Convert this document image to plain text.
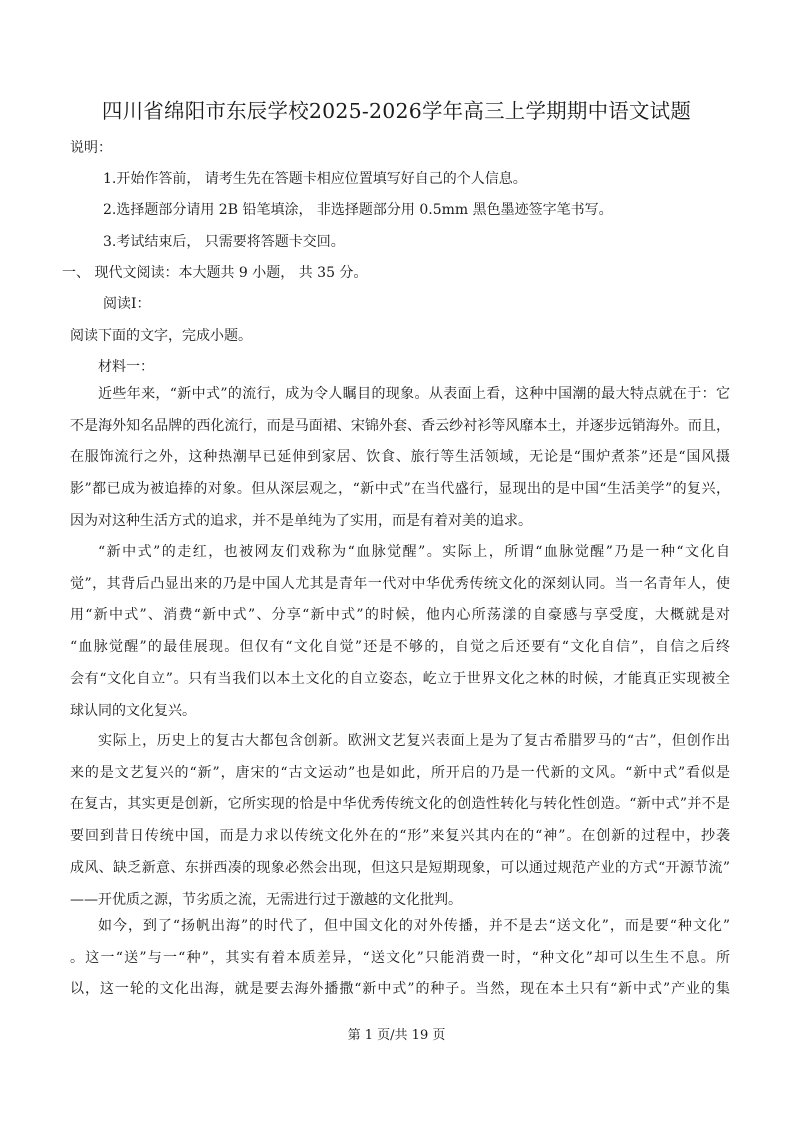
四川省绵阳市东辰学校2025-2026学年高三上学期期中语文试题
说明：
1.开始作答前， 请考生先在答题卡相应位置填写好自己的个人信息。
2.选择题部分请用 2B 铅笔填涂， 非选择题部分用 0.5mm 黑色墨迹签字笔书写。
3.考试结束后， 只需要将答题卡交回。
一、 现代文阅读：本大题共 9 小题， 共 35 分。
阅读Ⅰ：
阅读下面的文字，完成小题。
材料一：
近些年来，“新中式”的流行，成为令人瞩目的现象。从表面上看，这种中国潮的最大特点就在于：它
不是海外知名品牌的西化流行，而是马面裙、宋锦外套、香云纱衬衫等风靡本土，并逐步远销海外。而且，
在服饰流行之外，这种热潮早已延伸到家居、饮食、旅行等生活领域，无论是“围炉煮茶”还是“国风摄
影”都已成为被追捧的对象。但从深层观之，“新中式”在当代盛行，显现出的是中国“生活美学”的复兴，
因为对这种生活方式的追求，并不是单纯为了实用，而是有着对美的追求。
“新中式”的走红，也被网友们戏称为“血脉觉醒”。实际上，所谓“血脉觉醒”乃是一种“文化自
觉”，其背后凸显出来的乃是中国人尤其是青年一代对中华优秀传统文化的深刻认同。当一名青年人，使
用“新中式”、消费“新中式”、分享“新中式”的时候，他内心所荡漾的自豪感与享受度，大概就是对
“血脉觉醒”的最佳展现。但仅有“文化自觉”还是不够的，自觉之后还要有“文化自信”，自信之后终
会有“文化自立”。只有当我们以本土文化的自立姿态，屹立于世界文化之林的时候，才能真正实现被全
球认同的文化复兴。
实际上，历史上的复古大都包含创新。欧洲文艺复兴表面上是为了复古希腊罗马的“古”，但创作出
来的是文艺复兴的“新”，唐宋的“古文运动”也是如此，所开启的乃是一代新的文风。“新中式”看似是
在复古，其实更是创新，它所实现的恰是中华优秀传统文化的创造性转化与转化性创造。“新中式”并不是
要回到昔日传统中国，而是力求以传统文化外在的“形”来复兴其内在的“神”。在创新的过程中，抄袭
成风、缺乏新意、东拼西凑的现象必然会出现，但这只是短期现象，可以通过规范产业的方式“开源节流”
——开优质之源，节劣质之流，无需进行过于激越的文化批判。
如今，到了“扬帆出海”的时代了，但中国文化的对外传播，并不是去“送文化”，而是要“种文化”
。这一“送”与一“种”，其实有着本质差异，“送文化”只能消费一时，“种文化”却可以生生不息。所
以，这一轮的文化出海，就是要去海外播撒“新中式”的种子。当然，现在本土只有“新中式”产业的集
第 1 页/共 19 页
